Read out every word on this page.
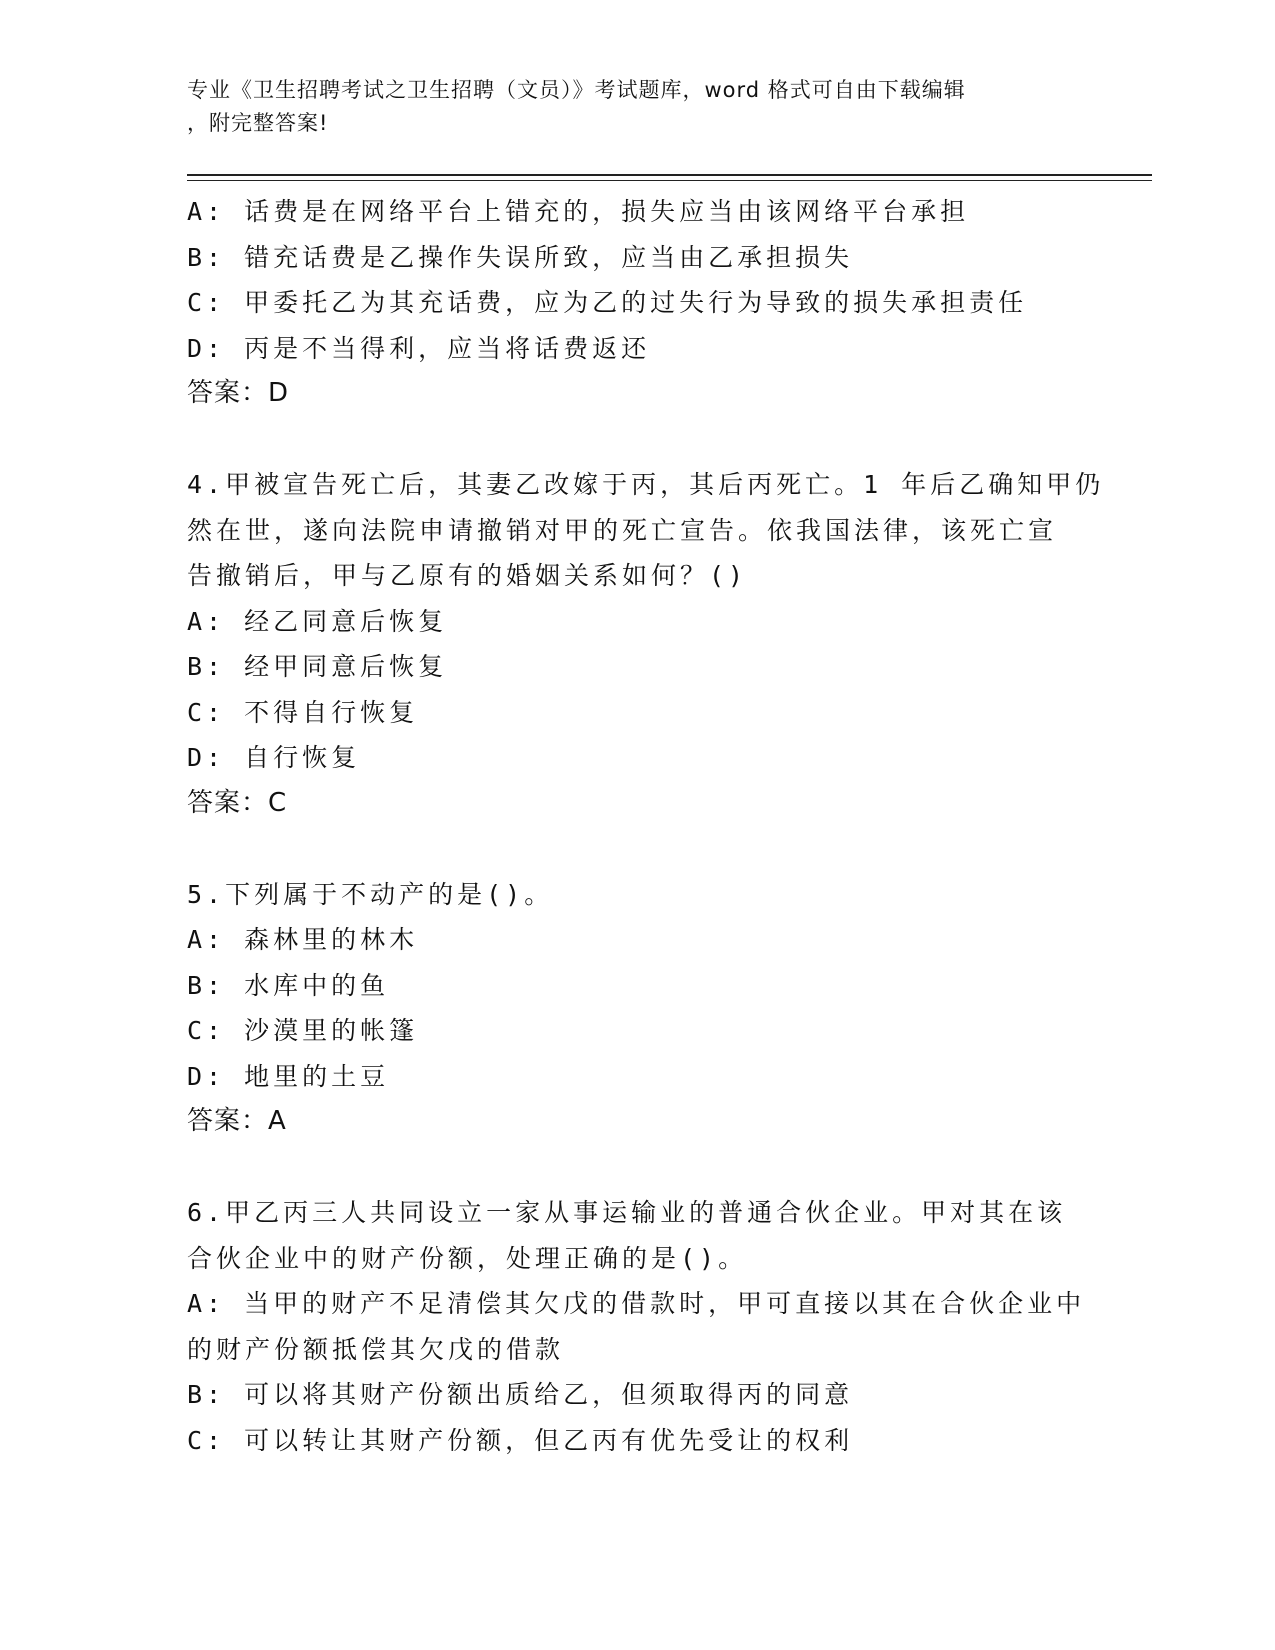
专业《卫生招聘考试之卫生招聘（文员）》考试题库，word 格式可自由下载编辑
，附完整答案!
A: 话费是在网络平台上错充的，损失应当由该网络平台承担
B: 错充话费是乙操作失误所致，应当由乙承担损失
C: 甲委托乙为其充话费，应为乙的过失行为导致的损失承担责任
D: 丙是不当得利，应当将话费返还
答案：D
4.甲被宣告死亡后，其妻乙改嫁于丙，其后丙死亡。1 年后乙确知甲仍
然在世，遂向法院申请撤销对甲的死亡宣告。依我国法律，该死亡宣
告撤销后，甲与乙原有的婚姻关系如何？()
A: 经乙同意后恢复
B: 经甲同意后恢复
C: 不得自行恢复
D: 自行恢复
答案：C
5.下列属于不动产的是()。
A: 森林里的林木
B: 水库中的鱼
C: 沙漠里的帐篷
D: 地里的土豆
答案：A
6.甲乙丙三人共同设立一家从事运输业的普通合伙企业。甲对其在该
合伙企业中的财产份额，处理正确的是()。
A: 当甲的财产不足清偿其欠戊的借款时，甲可直接以其在合伙企业中
的财产份额抵偿其欠戊的借款
B: 可以将其财产份额出质给乙，但须取得丙的同意
C: 可以转让其财产份额，但乙丙有优先受让的权利
